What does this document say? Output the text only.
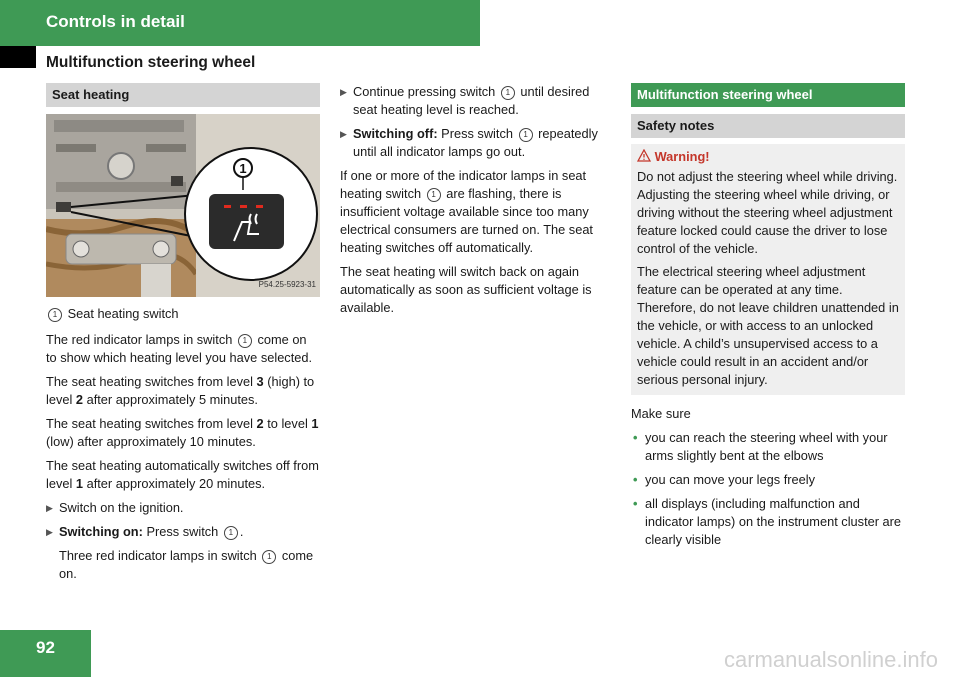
Controls in detail
Multifunction steering wheel
Seat heating
1
P54.25-5923-31
1 Seat heating switch

The red indicator lamps in switch 1 come on to show which heating level you have selected.

The seat heating switches from level 3 (high) to level 2 after approximately 5 minutes.

The seat heating switches from level 2 to level 1 (low) after approximately 10 minutes.

The seat heating automatically switches off from level 1 after approximately 20 minutes.

▶ Switch on the ignition.
▶ Switching on: Press switch 1 .
Three red indicator lamps in switch 1 come on.
▶ Continue pressing switch 1 until desired seat heating level is reached.
▶ Switching off: Press switch 1 repeatedly until all indicator lamps go out.

If one or more of the indicator lamps in seat heating switch 1 are flashing, there is insufficient voltage available since too many electrical consumers are turned on. The seat heating switches off automatically.

The seat heating will switch back on again automatically as soon as sufficient voltage is available.

Multifunction steering wheel
Safety notes
Warning!

Do not adjust the steering wheel while driving. Adjusting the steering wheel while driving, or driving without the steering wheel adjustment feature locked could cause the driver to lose control of the vehicle.

The electrical steering wheel adjustment feature can be operated at any time. Therefore, do not leave children unattended in the vehicle, or with access to an unlocked vehicle. A child’s unsupervised access to a vehicle could result in an accident and/or serious personal injury.

Make sure

• you can reach the steering wheel with your arms slightly bent at the elbows
• you can move your legs freely
• all displays (including malfunction and indicator lamps) on the instrument cluster are clearly visible
92	carmanualsonline.info
